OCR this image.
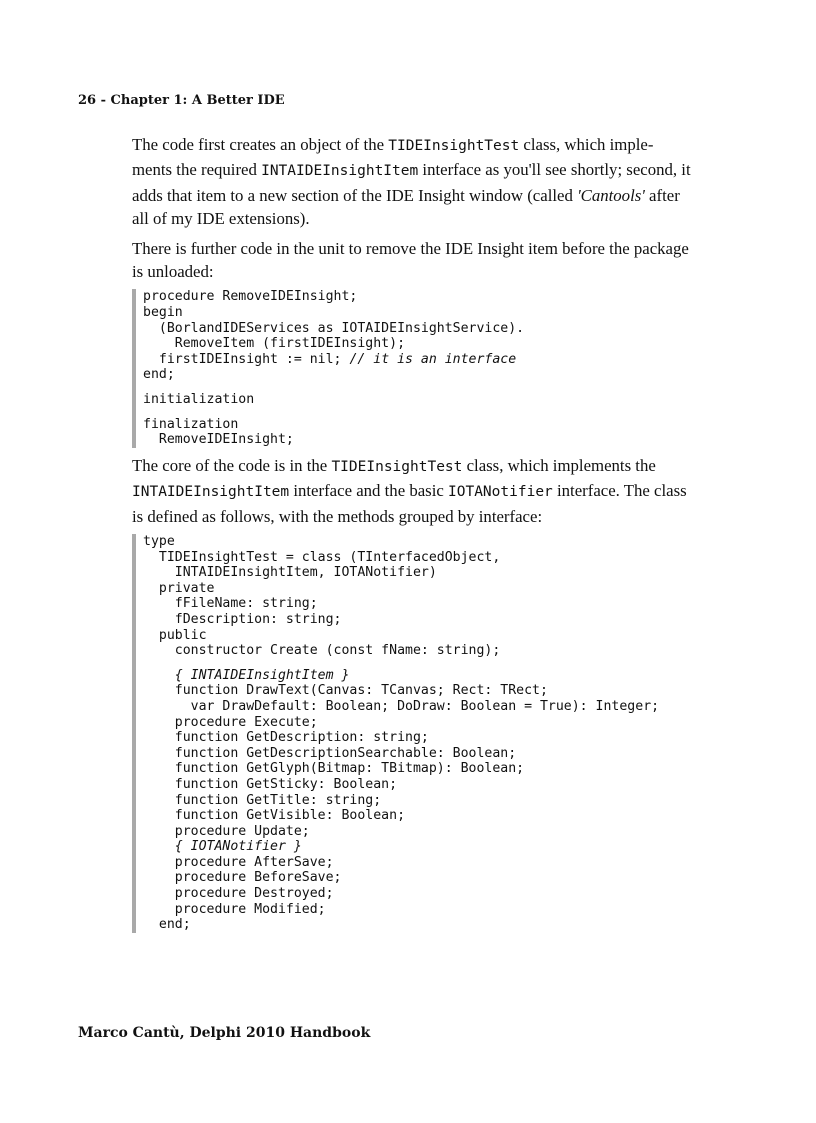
26 - Chapter 1: A Better IDE

The code first creates an object of the TIDEInsightTest class, which imple-ments the required INTAIDEInsightItem interface as you'll see shortly; second, it adds that item to a new section of the IDE Insight window (called 'Cantools' after all of my IDE extensions).

There is further code in the unit to remove the IDE Insight item before the package is unloaded:

procedure RemoveIDEInsight;
begin
(BorlandIDEServices as IOTAIDEInsightService).
RemoveItem (firstIDEInsight);
firstIDEInsight := nil; // it is an interface
end;
initialization
finalization
RemoveIDEInsight;

The core of the code is in the TIDEInsightTest class, which implements the INTAIDEInsightItem interface and the basic IOTANotifier interface. The class is defined as follows, with the methods grouped by interface:

type
TIDEInsightTest = class (TInterfacedObject,
INTAIDEInsightItem, IOTANotifier)
private
fFileName: string;
fDescription: string;
public
constructor Create (const fName: string);
{ INTAIDEInsightItem }
function DrawText(Canvas: TCanvas; Rect: TRect;
var DrawDefault: Boolean; DoDraw: Boolean = True): Integer;
procedure Execute;
function GetDescription: string;
function GetDescriptionSearchable: Boolean;
function GetGlyph(Bitmap: TBitmap): Boolean;
function GetSticky: Boolean;
function GetTitle: string;
function GetVisible: Boolean;
procedure Update;
{ IOTANotifier }
procedure AfterSave;
procedure BeforeSave;
procedure Destroyed;
procedure Modified;
end;
Marco Cantù, Delphi 2010 Handbook
